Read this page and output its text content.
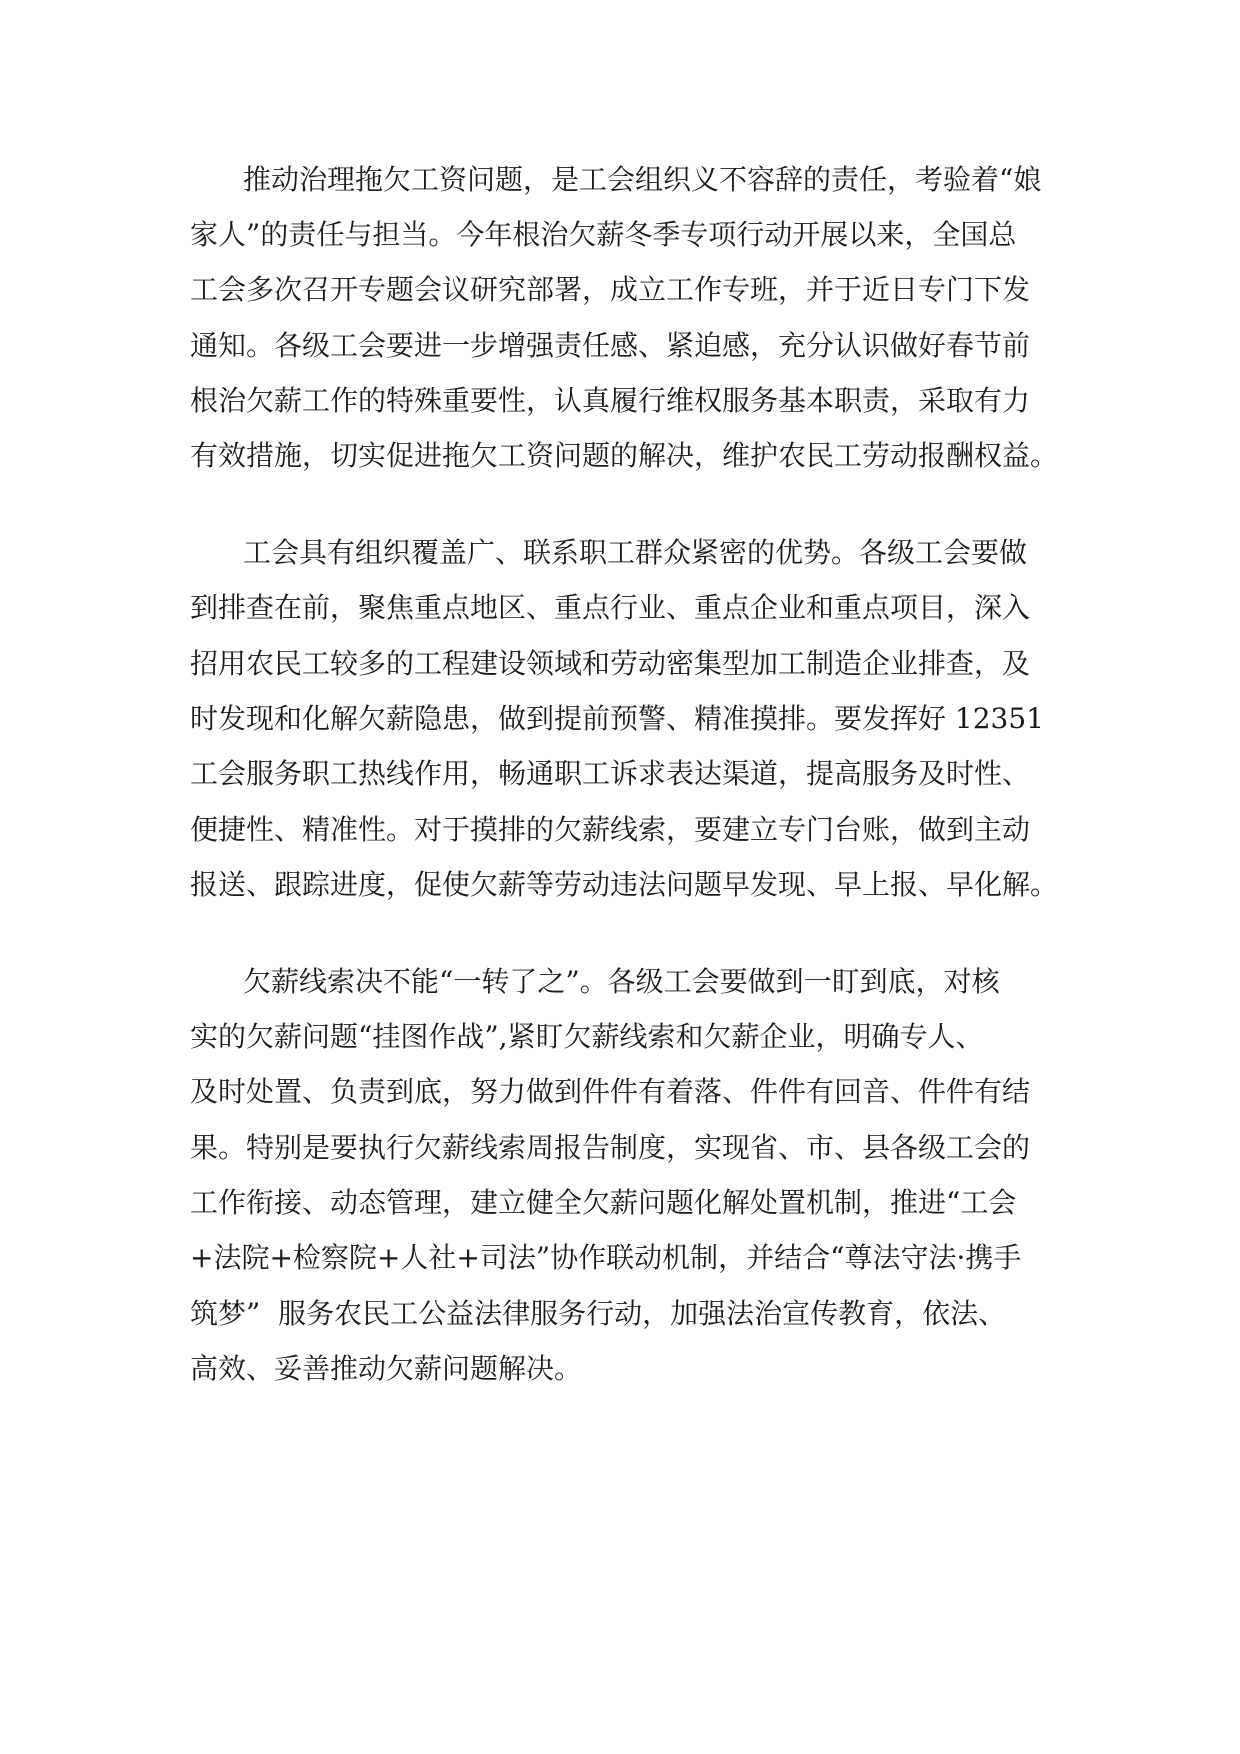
推动治理拖欠工资问题，是工会组织义不容辞的责任，考验着“娘

家人”的责任与担当。今年根治欠薪冬季专项行动开展以来，全国总

工会多次召开专题会议研究部署，成立工作专班，并于近日专门下发

通知。各级工会要进一步增强责任感、紧迫感，充分认识做好春节前

根治欠薪工作的特殊重要性，认真履行维权服务基本职责，采取有力

有效措施，切实促进拖欠工资问题的解决，维护农民工劳动报酬权益。

工会具有组织覆盖广、联系职工群众紧密的优势。各级工会要做

到排查在前，聚焦重点地区、重点行业、重点企业和重点项目，深入

招用农民工较多的工程建设领域和劳动密集型加工制造企业排查，及

时发现和化解欠薪隐患，做到提前预警、精准摸排。要发挥好 12351

工会服务职工热线作用，畅通职工诉求表达渠道，提高服务及时性、

便捷性、精准性。对于摸排的欠薪线索，要建立专门台账，做到主动

报送、跟踪进度，促使欠薪等劳动违法问题早发现、早上报、早化解。

欠薪线索决不能“一转了之”。各级工会要做到一盯到底，对核

实的欠薪问题“挂图作战”,紧盯欠薪线索和欠薪企业，明确专人、

及时处置、负责到底，努力做到件件有着落、件件有回音、件件有结

果。特别是要执行欠薪线索周报告制度，实现省、市、县各级工会的

工作衔接、动态管理，建立健全欠薪问题化解处置机制，推进“工会

+法院+检察院+人社+司法”协作联动机制，并结合“尊法守法·携手

筑梦”  服务农民工公益法律服务行动，加强法治宣传教育，依法、

高效、妥善推动欠薪问题解决。
